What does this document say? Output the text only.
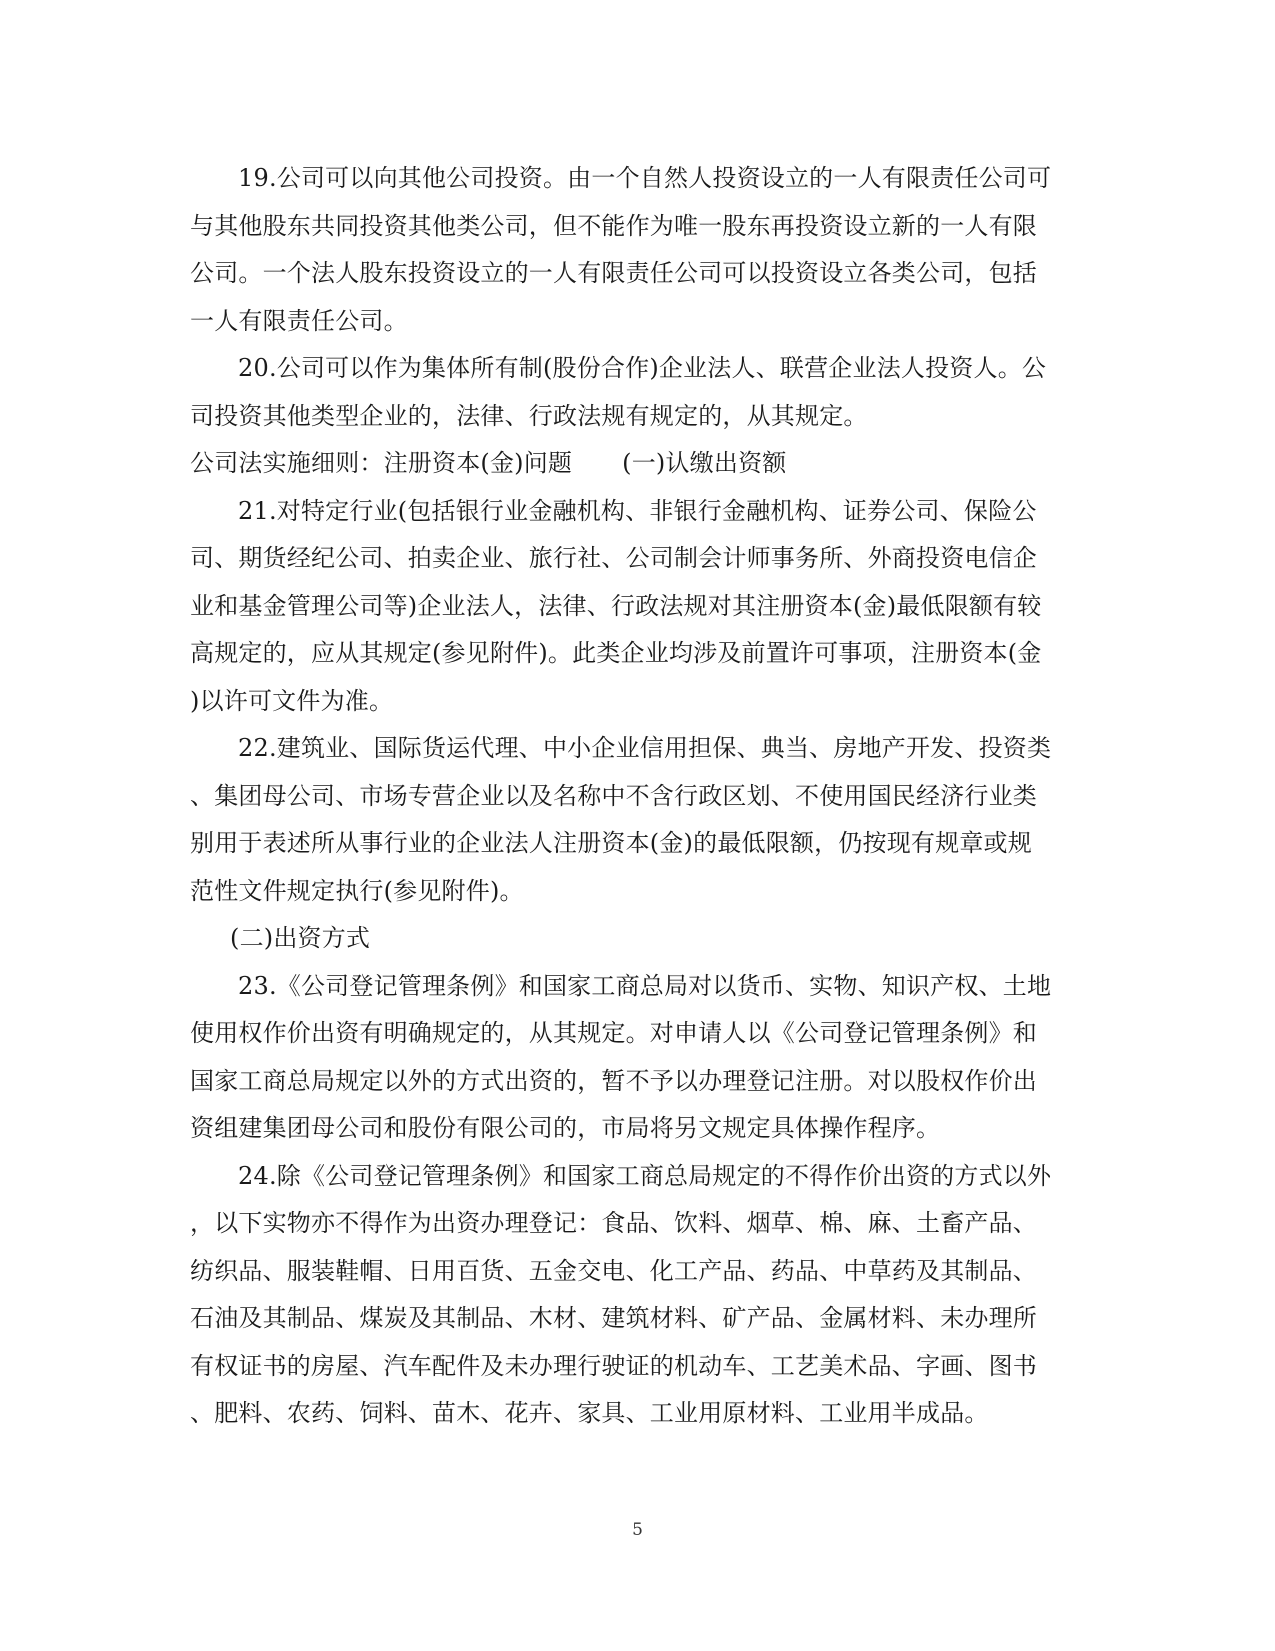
19.公司可以向其他公司投资。由一个自然人投资设立的一人有限责任公司可
与其他股东共同投资其他类公司，但不能作为唯一股东再投资设立新的一人有限
公司。一个法人股东投资设立的一人有限责任公司可以投资设立各类公司，包括
一人有限责任公司。
20.公司可以作为集体所有制(股份合作)企业法人、联营企业法人投资人。公
司投资其他类型企业的，法律、行政法规有规定的，从其规定。
公司法实施细则：注册资本(金)问题 (一)认缴出资额
21.对特定行业(包括银行业金融机构、非银行金融机构、证券公司、保险公
司、期货经纪公司、拍卖企业、旅行社、公司制会计师事务所、外商投资电信企
业和基金管理公司等)企业法人，法律、行政法规对其注册资本(金)最低限额有较
高规定的，应从其规定(参见附件)。此类企业均涉及前置许可事项，注册资本(金
)以许可文件为准。
22.建筑业、国际货运代理、中小企业信用担保、典当、房地产开发、投资类
、集团母公司、市场专营企业以及名称中不含行政区划、不使用国民经济行业类
别用于表述所从事行业的企业法人注册资本(金)的最低限额，仍按现有规章或规
范性文件规定执行(参见附件)。
(二)出资方式
23.《公司登记管理条例》和国家工商总局对以货币、实物、知识产权、土地
使用权作价出资有明确规定的，从其规定。对申请人以《公司登记管理条例》和
国家工商总局规定以外的方式出资的，暂不予以办理登记注册。对以股权作价出
资组建集团母公司和股份有限公司的，市局将另文规定具体操作程序。
24.除《公司登记管理条例》和国家工商总局规定的不得作价出资的方式以外
，以下实物亦不得作为出资办理登记：食品、饮料、烟草、棉、麻、土畜产品、
纺织品、服装鞋帽、日用百货、五金交电、化工产品、药品、中草药及其制品、
石油及其制品、煤炭及其制品、木材、建筑材料、矿产品、金属材料、未办理所
有权证书的房屋、汽车配件及未办理行驶证的机动车、工艺美术品、字画、图书
、肥料、农药、饲料、苗木、花卉、家具、工业用原材料、工业用半成品。
5
